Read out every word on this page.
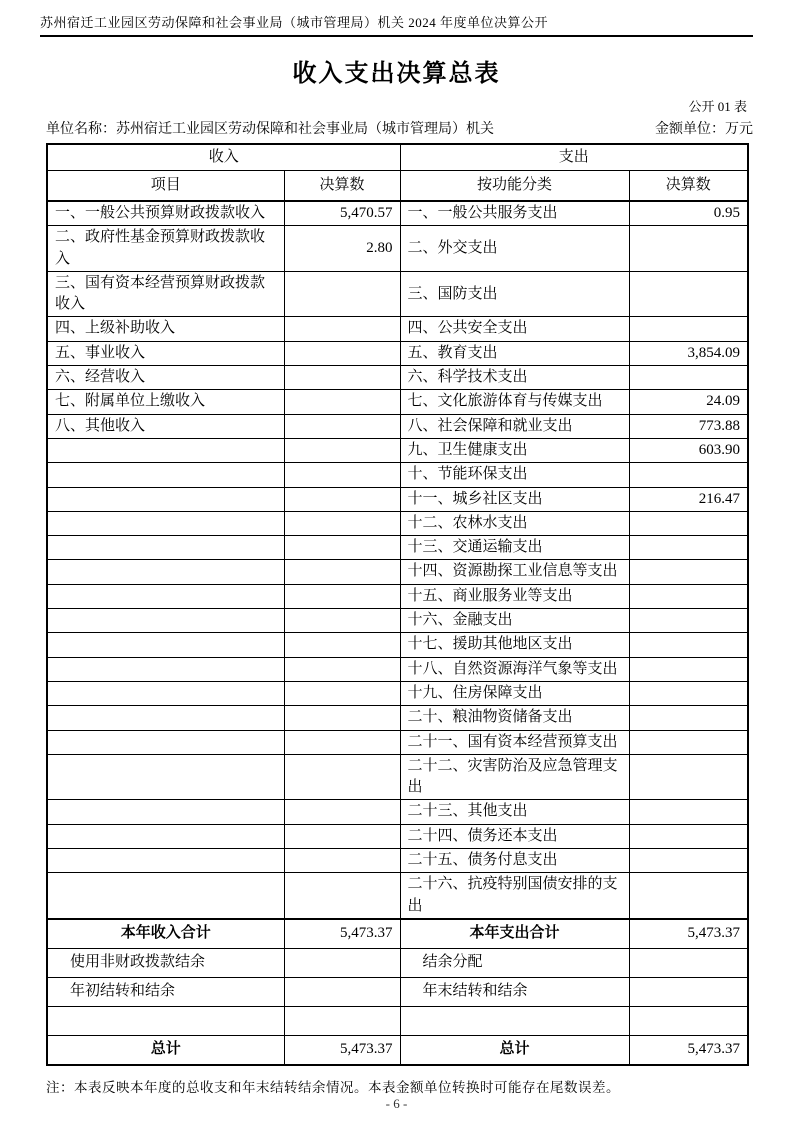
苏州宿迁工业园区劳动保障和社会事业局（城市管理局）机关 2024 年度单位决算公开
收入支出决算总表
公开 01 表
单位名称：苏州宿迁工业园区劳动保障和社会事业局（城市管理局）机关	金额单位：万元
收入		支出	
项目	决算数	按功能分类	决算数
一、一般公共预算财政拨款收入	5,470.57	一、一般公共服务支出	0.95
二、政府性基金预算财政拨款收入	2.80	二、外交支出	
三、国有资本经营预算财政拨款收入		三、国防支出	
四、上级补助收入		四、公共安全支出	
五、事业收入		五、教育支出	3,854.09
六、经营收入		六、科学技术支出	
七、附属单位上缴收入		七、文化旅游体育与传媒支出	24.09
八、其他收入		八、社会保障和就业支出	773.88
		九、卫生健康支出	603.90
		十、节能环保支出	
		十一、城乡社区支出	216.47
		十二、农林水支出	
		十三、交通运输支出	
		十四、资源勘探工业信息等支出	
		十五、商业服务业等支出	
		十六、金融支出	
		十七、援助其他地区支出	
		十八、自然资源海洋气象等支出	
		十九、住房保障支出	
		二十、粮油物资储备支出	
		二十一、国有资本经营预算支出	
		二十二、灾害防治及应急管理支出	
		二十三、其他支出	
		二十四、债务还本支出	
		二十五、债务付息支出	
		二十六、抗疫特别国债安排的支出	
本年收入合计	5,473.37	本年支出合计	5,473.37
使用非财政拨款结余		结余分配	
年初结转和结余		年末结转和结余	

总计	5,473.37	总计	5,473.37
注：本表反映本年度的总收支和年末结转结余情况。本表金额单位转换时可能存在尾数误差。
- 6 -
